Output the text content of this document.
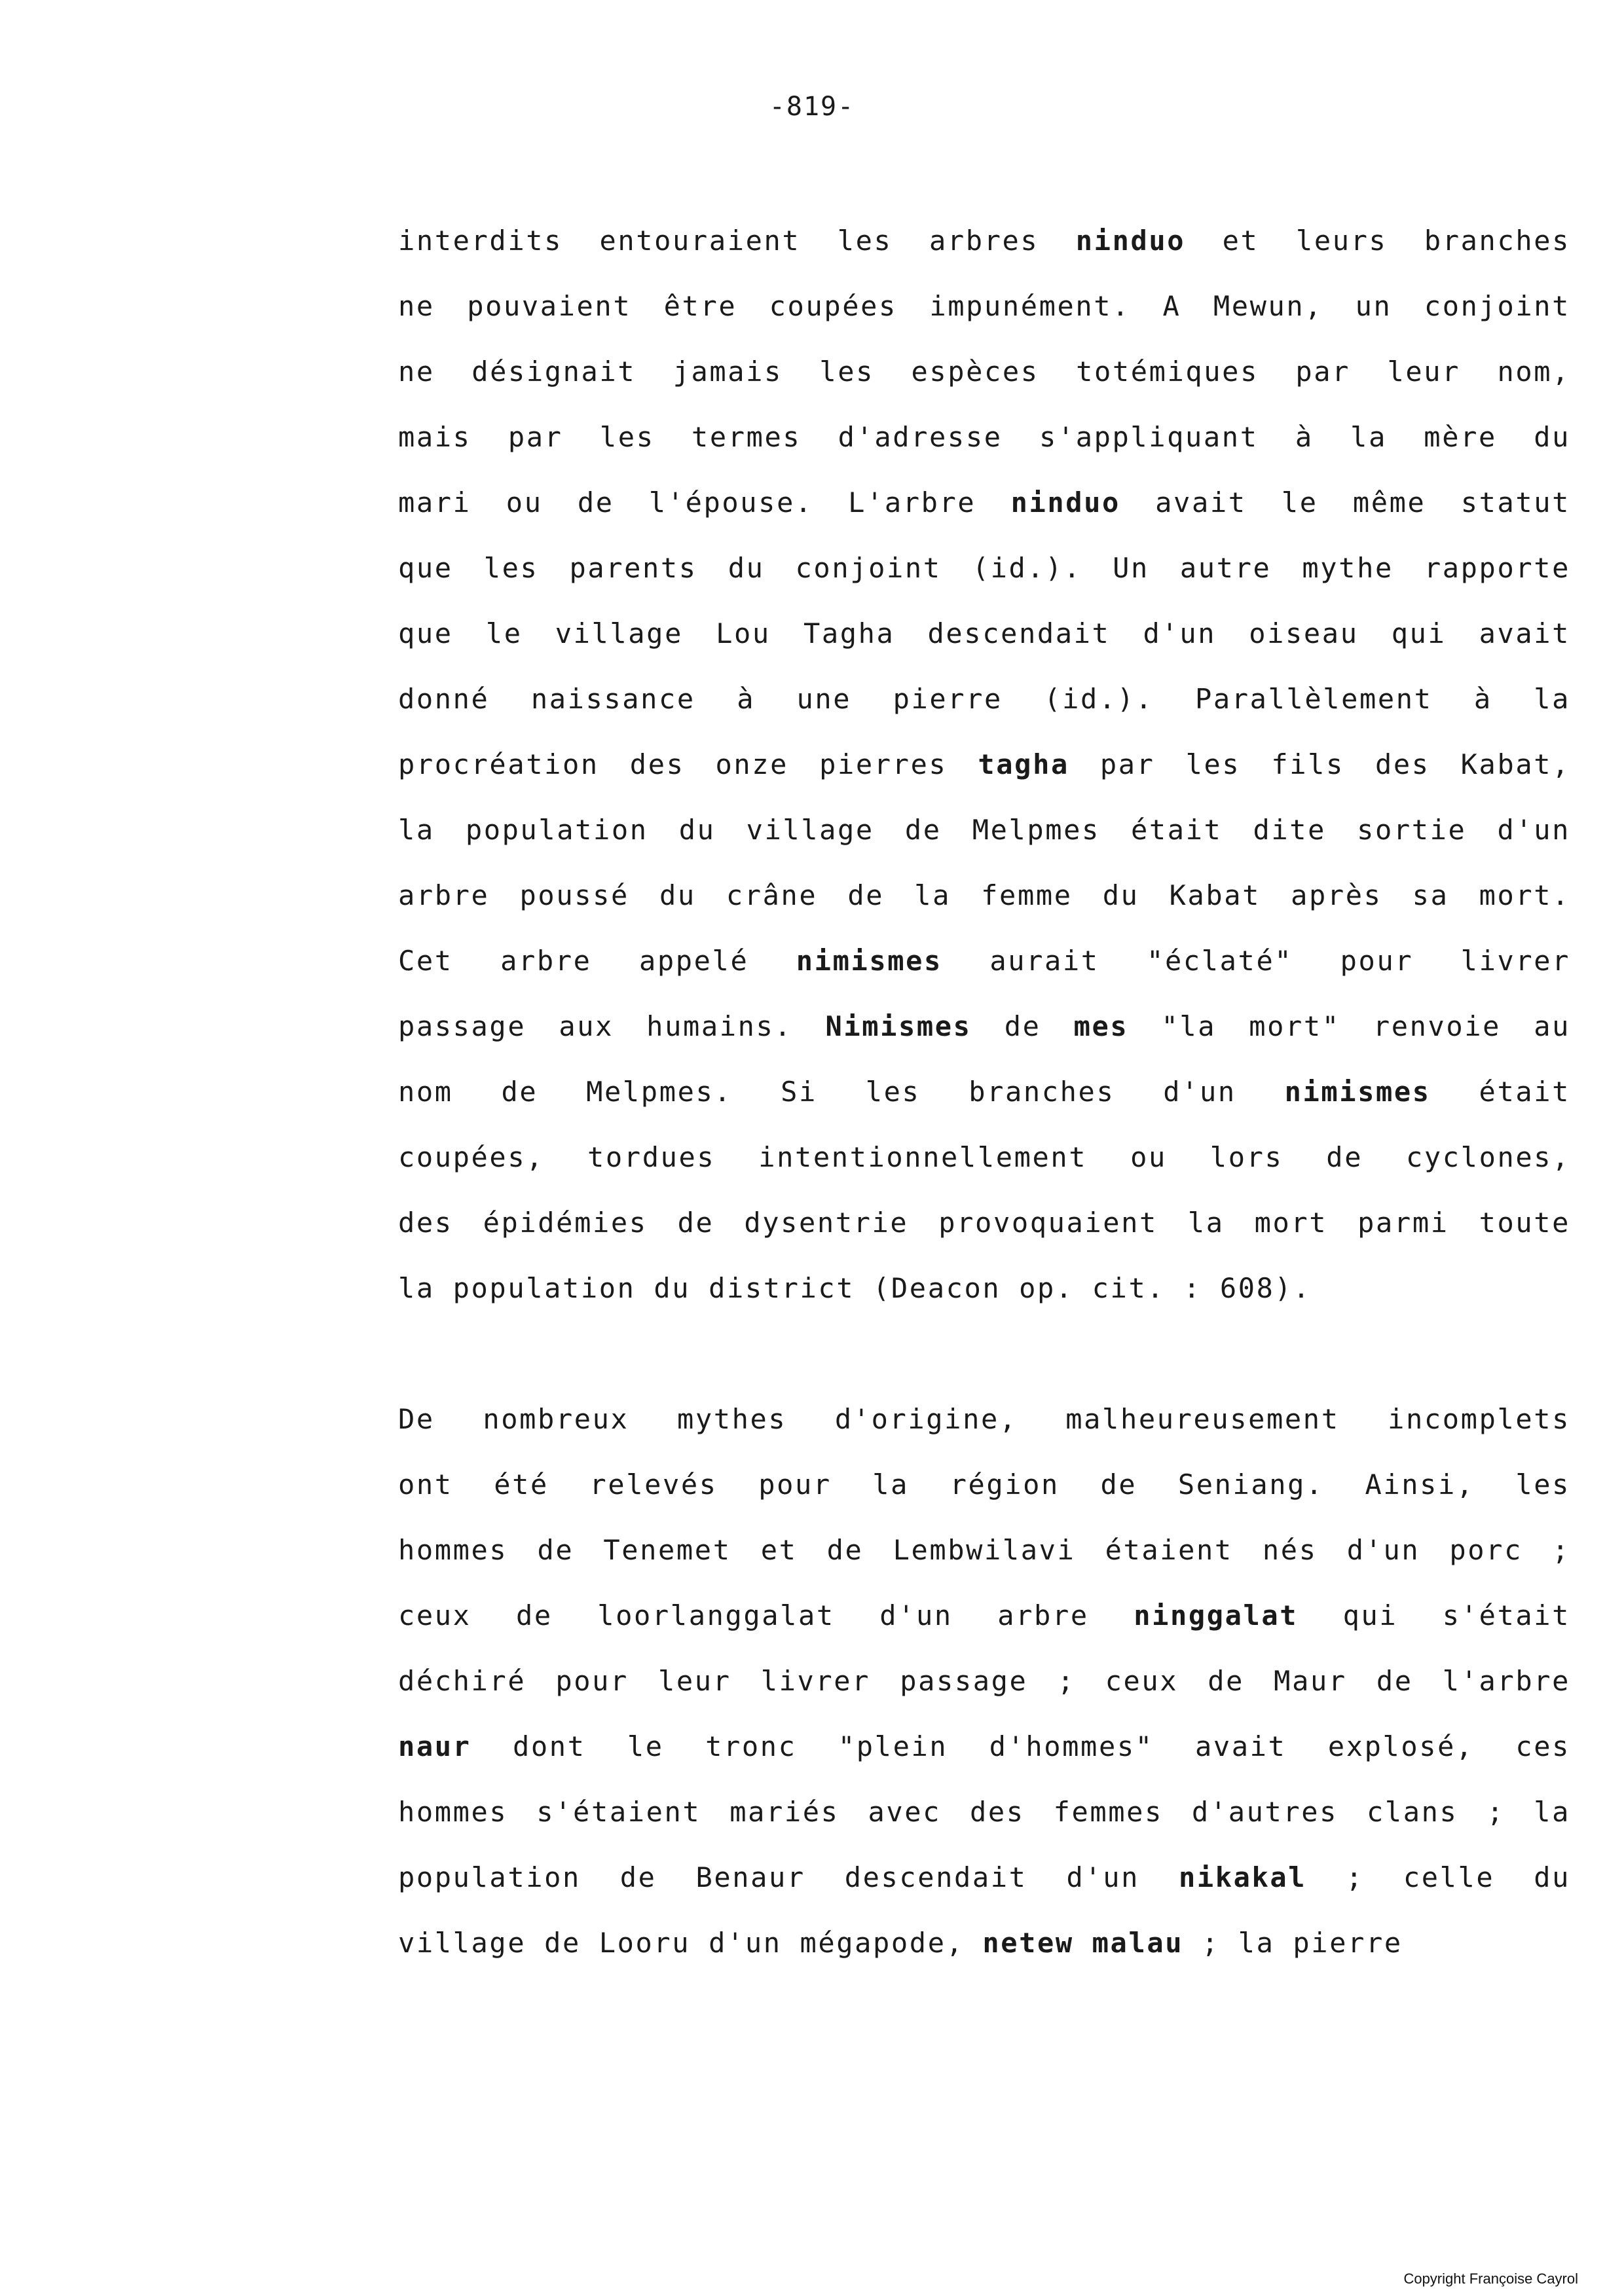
-819-
interdits entouraient les arbres ninduo et leurs branches
ne pouvaient être coupées impunément. A Mewun, un conjoint
ne désignait jamais les espèces totémiques par leur nom,
mais par les termes d'adresse s'appliquant à la mère du
mari ou de l'épouse. L'arbre ninduo avait le même statut
que les parents du conjoint (id.). Un autre mythe rapporte
que le village Lou Tagha descendait d'un oiseau qui avait
donné naissance à une pierre (id.). Parallèlement à la
procréation des onze pierres tagha par les fils des Kabat,
la population du village de Melpmes était dite sortie d'un
arbre poussé du crâne de la femme du Kabat après sa mort.
Cet arbre appelé nimismes aurait "éclaté" pour livrer
passage aux humains. Nimismes de mes "la mort" renvoie au
nom de Melpmes. Si les branches d'un nimismes était
coupées, tordues intentionnellement ou lors de cyclones,
des épidémies de dysentrie provoquaient la mort parmi toute
la population du district (Deacon op. cit. : 608).
De nombreux mythes d'origine, malheureusement incomplets
ont été relevés pour la région de Seniang. Ainsi, les
hommes de Tenemet et de Lembwilavi étaient nés d'un porc ;
ceux de loorlanggalat d'un arbre ninggalat qui s'était
déchiré pour leur livrer passage ; ceux de Maur de l'arbre
naur dont le tronc "plein d'hommes" avait explosé, ces
hommes s'étaient mariés avec des femmes d'autres clans ; la
population de Benaur descendait d'un nikakal ; celle du
village de Looru d'un mégapode, netew malau ; la pierre
Copyright Françoise Cayrol
